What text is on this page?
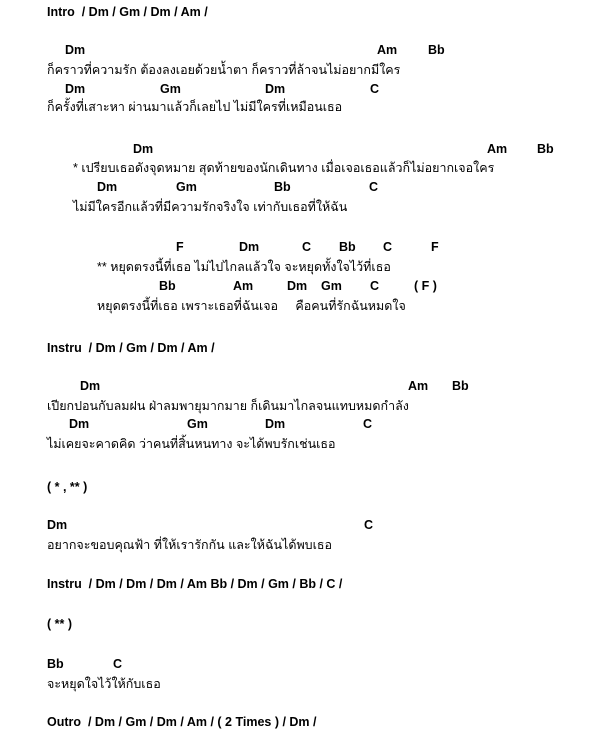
Intro  / Dm / Gm / Dm / Am /
Dm	Am Bb
ก็คราวที่ความรัก ต้องลงเอยด้วยน้ำตา ก็คราวที่ล้าจนไม่อยากมีใคร
Dm	Gm	Dm	C
ก็ครั้งที่เสาะหา ผ่านมาแล้วก็เลยไป ไม่มีใครที่เหมือนเธอ
Dm	Am Bb
* เปรียบเธอดังจุดหมาย สุดท้ายของนักเดินทาง เมื่อเจอเธอแล้วก็ไม่อยากเจอใคร
Dm	Gm	Bb	C
ไม่มีใครอีกแล้วที่มีความรักจริงใจ เท่ากับเธอที่ให้ฉัน
F	Dm	C Bb C	F
** หยุดตรงนี้ที่เธอ ไม่ไปไกลแล้วใจ จะหยุดทั้งใจไว้ที่เธอ
Bb	Am	Dm Gm C	( F )
หยุดตรงนี้ที่เธอ เพราะเธอที่ฉันเจอ     คือคนที่รักฉันหมดใจ
Instru  / Dm / Gm / Dm / Am /
Dm	Am Bb
เปียกปอนกับลมฝน ฝ่าลมพายุมากมาย ก็เดินมาไกลจนแทบหมดกำลัง
Dm	Gm	Dm	C
ไม่เคยจะคาดคิด ว่าคนที่สิ้นหนทาง จะได้พบรักเช่นเธอ
( * , ** )
Dm	C
อยากจะขอบคุณฟ้า ที่ให้เรารักกัน และให้ฉันได้พบเธอ
Instru  / Dm / Dm / Dm / Am Bb / Dm / Gm / Bb / C /
( ** )
Bb	C
จะหยุดใจไว้ให้กับเธอ
Outro  / Dm / Gm / Dm / Am / ( 2 Times ) / Dm /
